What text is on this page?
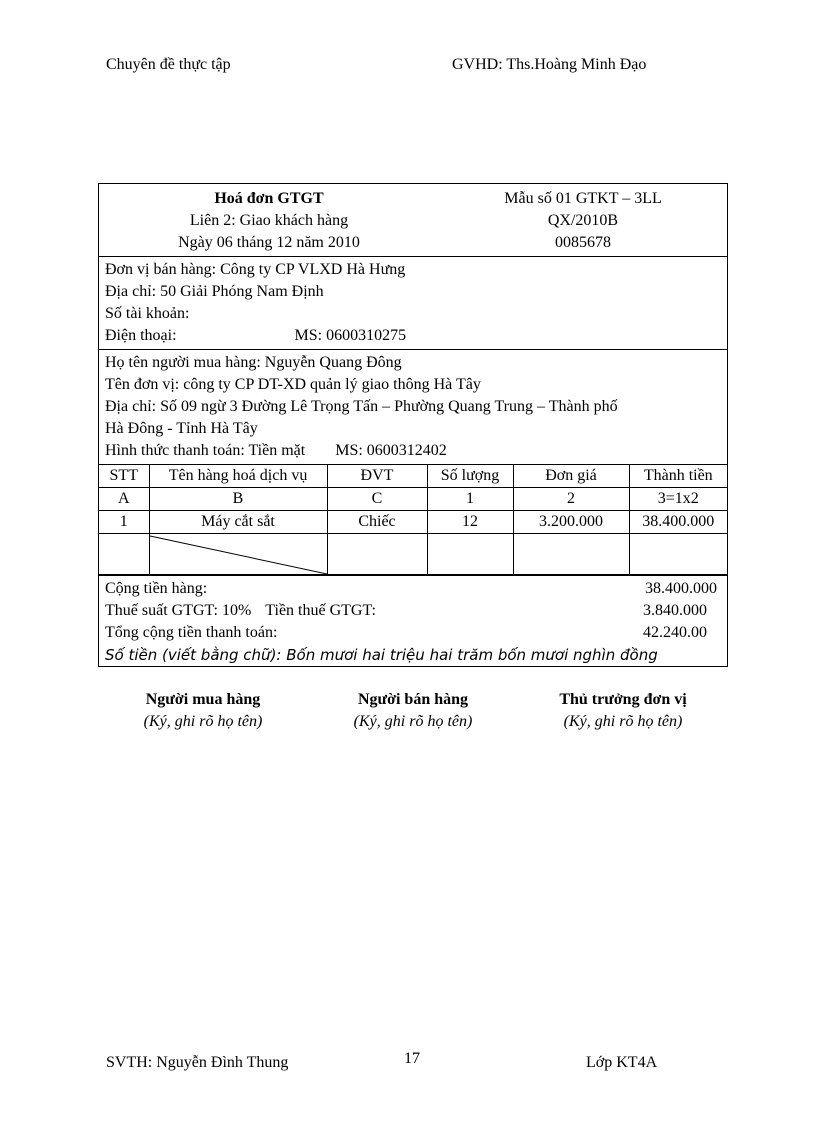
Chuyên đề thực tập	GVHD: Ths.Hoàng Minh Đạo
Hoá đơn GTGT
Liên 2: Giao khách hàng
Ngày 06 tháng 12 năm 2010
Mẫu số 01 GTKT – 3LL
QX/2010B
0085678
Đơn vị bán hàng: Công ty CP VLXD Hà Hưng
Địa chỉ: 50 Giải Phóng Nam Định
Số tài khoản:
Điện thoại:	MS: 0600310275
Họ tên người mua hàng: Nguyễn Quang Đông
Tên đơn vị: công ty CP DT-XD quản lý giao thông Hà Tây
Địa chỉ: Số 09 ngừ 3 Đường Lê Trọng Tấn – Phường Quang Trung – Thành phố
Hà Đông - Tỉnh Hà Tây
Hình thức thanh toán: Tiền mặt MS: 0600312402
STT	Tên hàng hoá dịch vụ	ĐVT	Số lượng	Đơn giá	Thành tiền
A	B	C	1	2	3=1x2
1	Máy cắt sắt	Chiếc	12	3.200.000	38.400.000

Cộng tiền hàng:	38.400.000
Thuế suất GTGT: 10% Tiền thuế GTGT:	3.840.000
Tổng cộng tiền thanh toán:	42.240.00
Số tiền (viết bằng chữ): Bốn mươi hai triệu hai trăm bốn mươi nghìn đồng
Người mua hàng
(Ký, ghi rõ họ tên)
Người bán hàng
(Ký, ghi rõ họ tên)
Thủ trưởng đơn vị
(Ký, ghi rõ họ tên)
SVTH: Nguyễn Đình Thung	17	Lớp KT4A
